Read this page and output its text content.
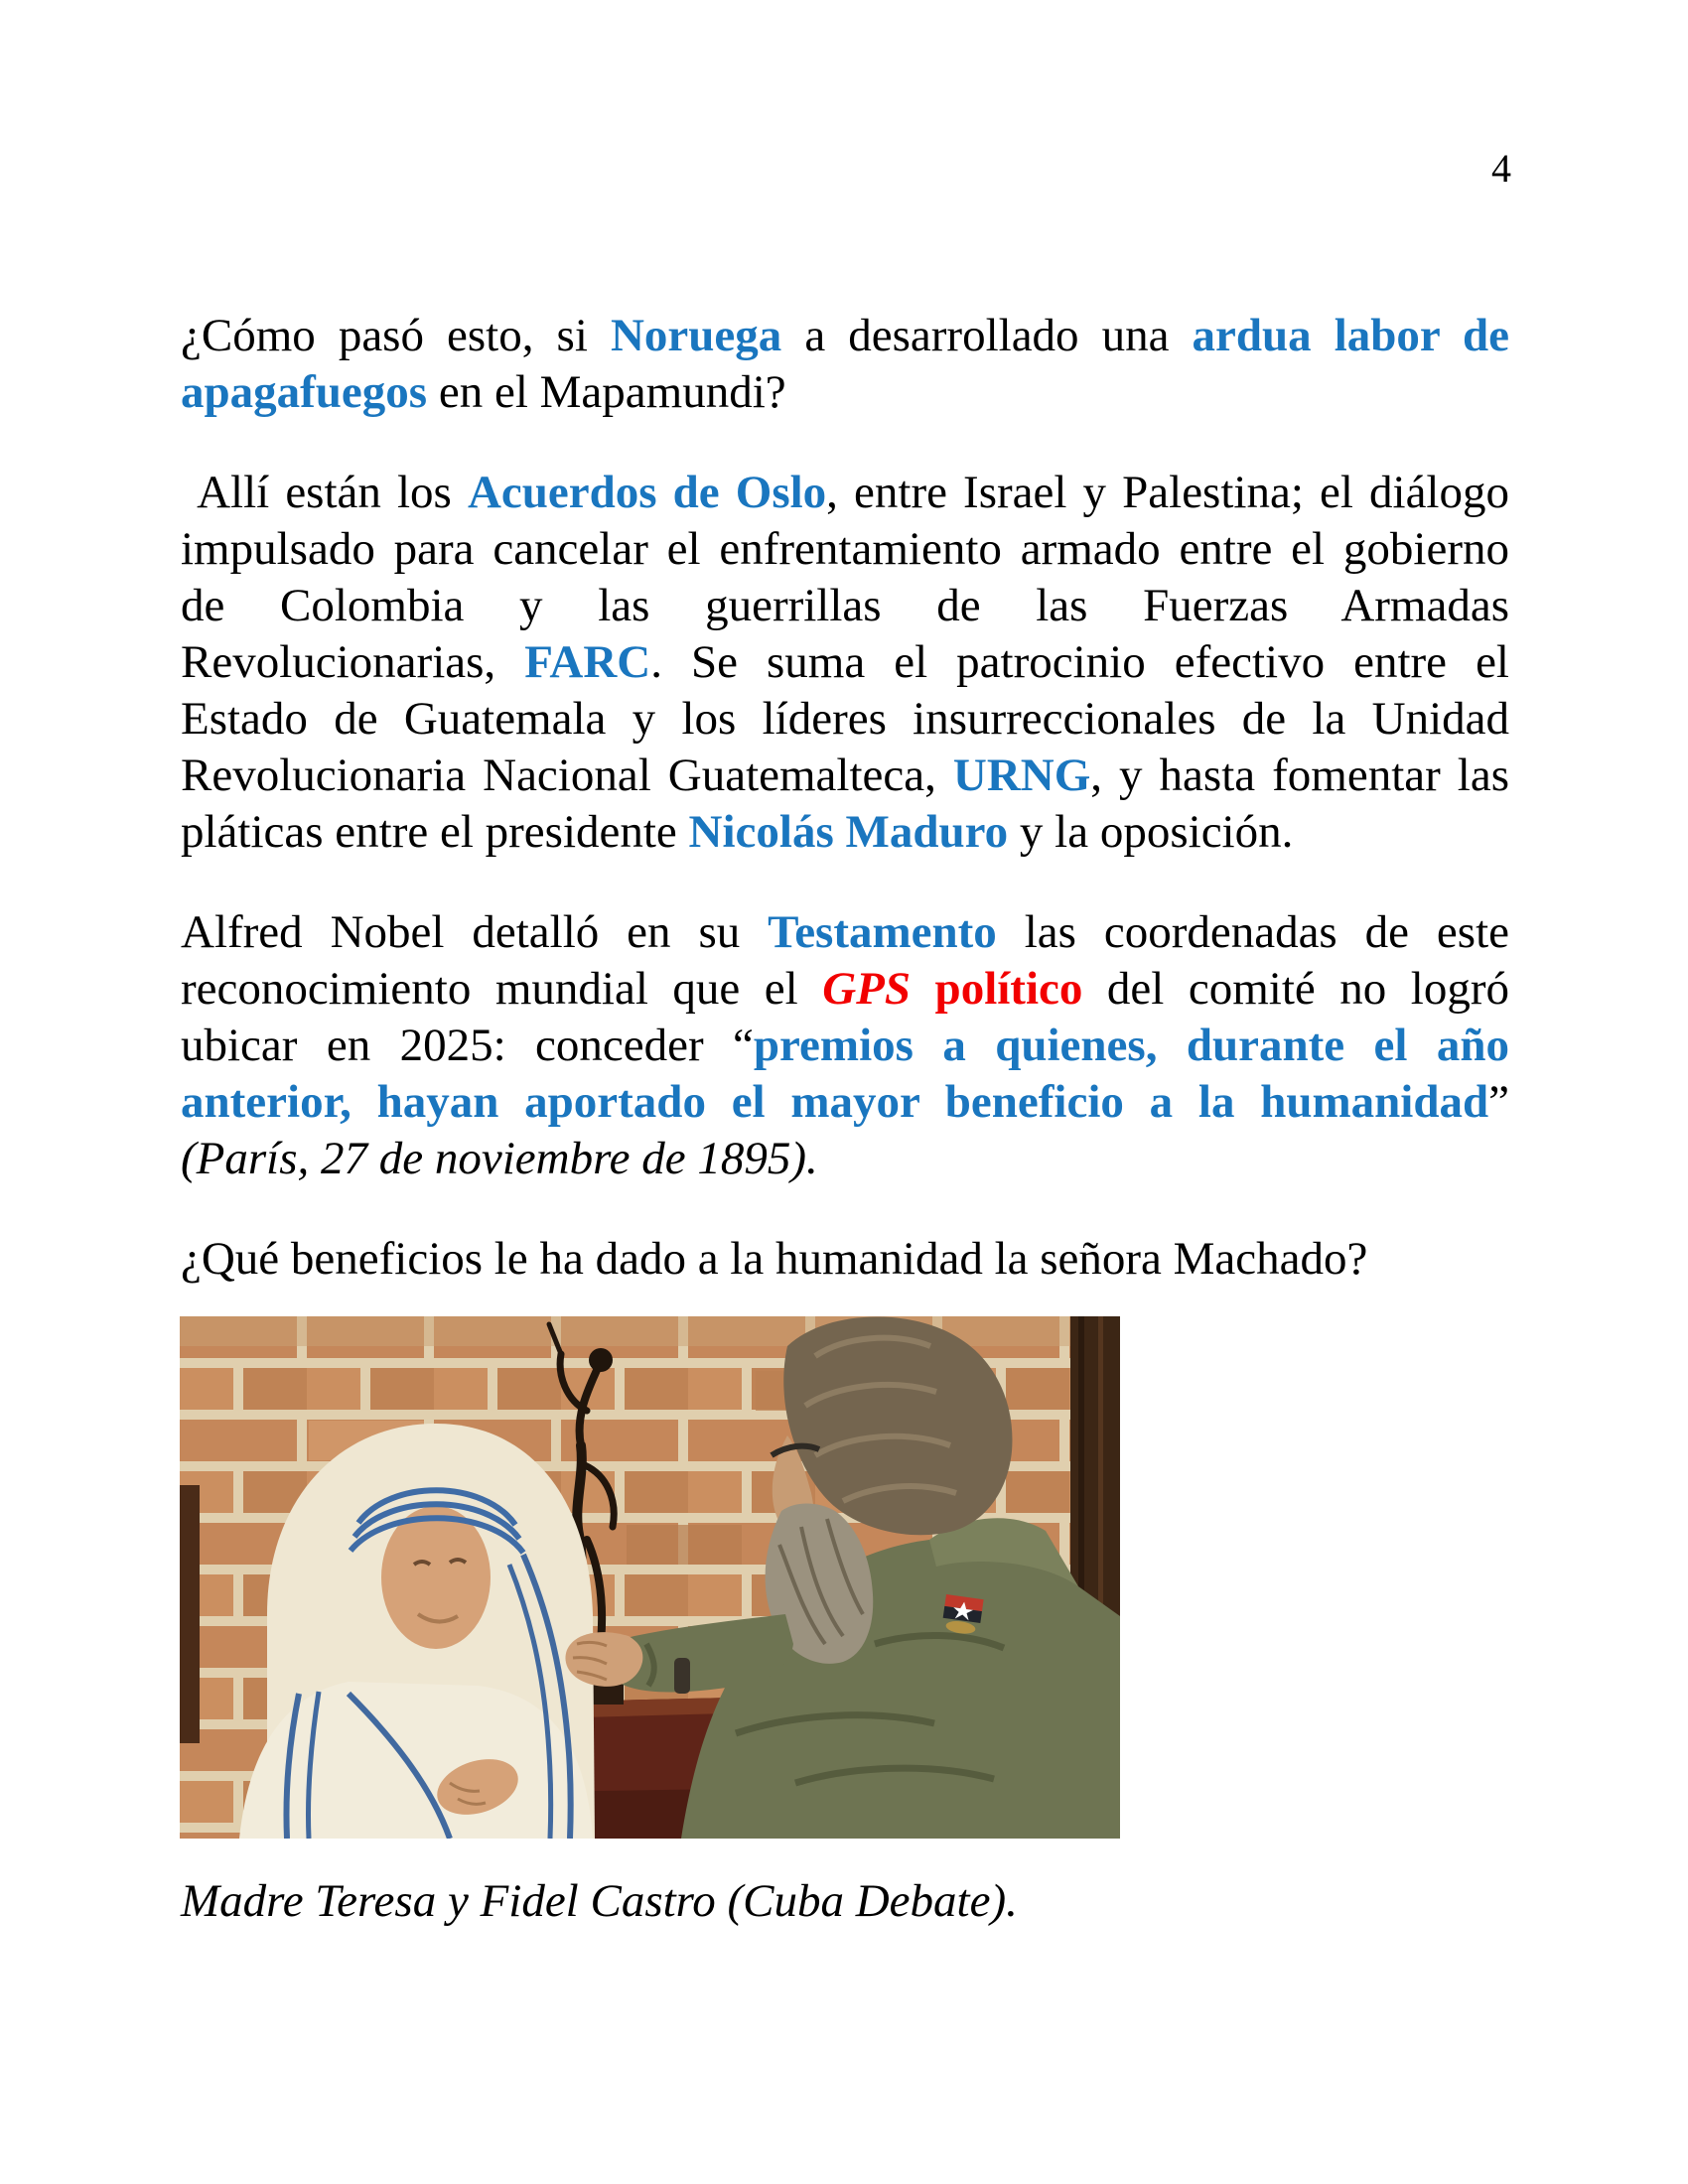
4
¿Cómo pasó esto, si Noruega a desarrollado una ardua labor de
apagafuegos en el Mapamundi?
Allí están los Acuerdos de Oslo, entre Israel y Palestina; el diálogo
impulsado para cancelar el enfrentamiento armado entre el gobierno
de Colombia y las guerrillas de las Fuerzas Armadas
Revolucionarias, FARC. Se suma el patrocinio efectivo entre el
Estado de Guatemala y los líderes insurreccionales de la Unidad
Revolucionaria Nacional Guatemalteca, URNG, y hasta fomentar las
pláticas entre el presidente Nicolás Maduro y la oposición.
Alfred Nobel detalló en su Testamento las coordenadas de este
reconocimiento mundial que el GPS político del comité no logró
ubicar en 2025: conceder “premios a quienes, durante el año
anterior, hayan aportado el mayor beneficio a la humanidad”
(París, 27 de noviembre de 1895).
¿Qué beneficios le ha dado a la humanidad la señora Machado?
Madre Teresa y Fidel Castro (Cuba Debate).
